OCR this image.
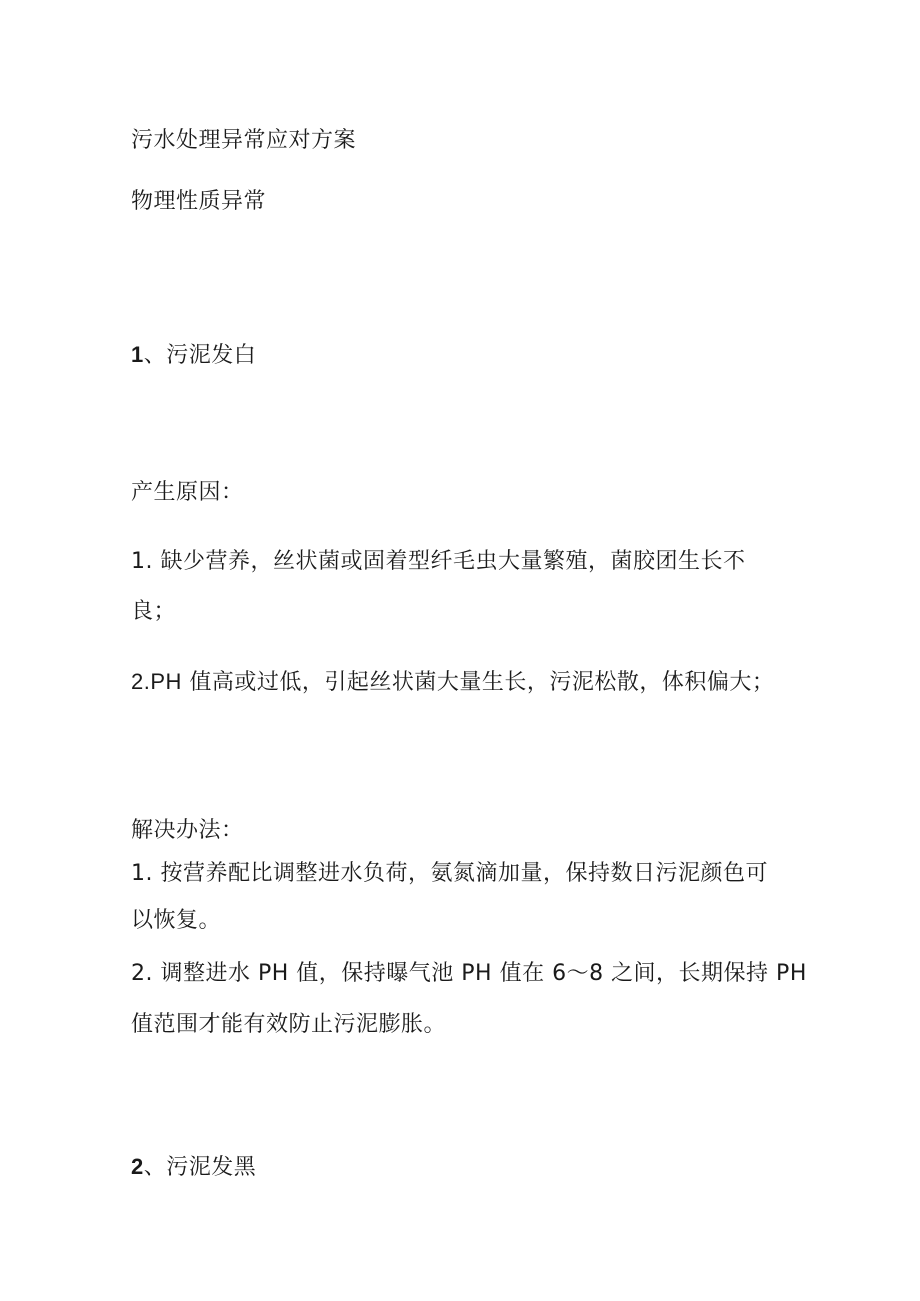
污水处理异常应对方案

物理性质异常

1、污泥发白

产生原因：

1. 缺少营养，丝状菌或固着型纤毛虫大量繁殖，菌胶团生长不

良；

2.PH 值高或过低，引起丝状菌大量生长，污泥松散，体积偏大；

解决办法：

1. 按营养配比调整进水负荷，氨氮滴加量，保持数日污泥颜色可

以恢复。

2. 调整进水 PH 值，保持曝气池 PH 值在 6～8 之间，长期保持 PH

值范围才能有效防止污泥膨胀。

2、污泥发黑
